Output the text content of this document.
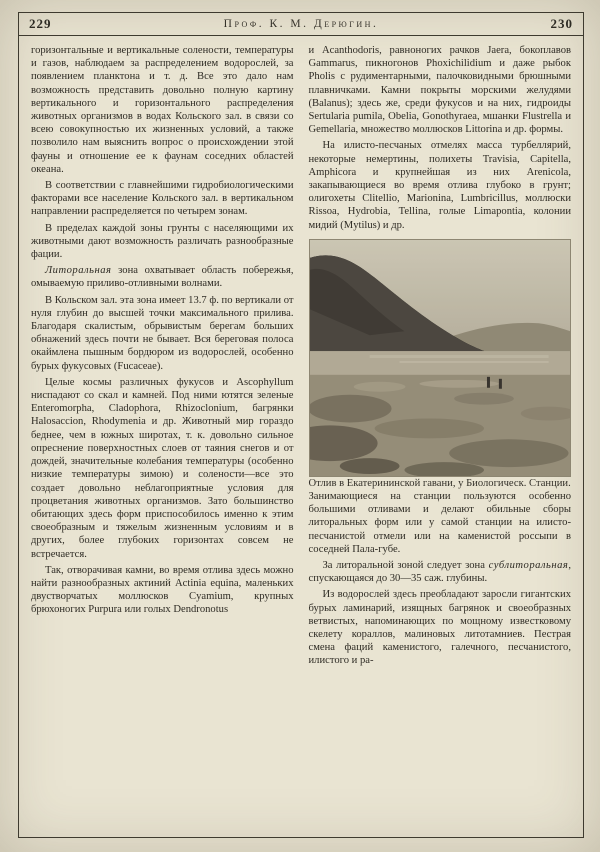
229	Проф. К. М. Дерюгин.	230

горизонтальные и вертикальные солености, температуры и газов, наблюдаем за распределением водорослей, за появлением планктона и т. д. Все это дало нам возможность представить довольно полную картину вертикального и горизонтального распределения животных организмов в водах Кольского зал. в связи со всею совокупностью их жизненных условий, а также позволило нам выяснить вопрос о происхождении этой фауны и отношение ее к фаунам соседних областей океана.

В соответствии с главнейшими гидробиологическими факторами все население Кольского зал. в вертикальном направлении распределяется по четырем зонам.

В пределах каждой зоны грунты с населяющими их животными дают возможность различать разнообразные фации.

Литоральная зона охватывает область побережья, омываемую приливо-отливными волнами.

В Кольском зал. эта зона имеет 13.7 ф. по вертикали от нуля глубин до высшей точки максимального прилива. Благодаря скалистым, обрывистым берегам больших обнажений здесь почти не бывает. Вся береговая полоса окаймлена пышным бордюром из водорослей, особенно бурых фукусовых (Fucaceae).

Целые космы различных фукусов и Ascophyllum ниспадают со скал и камней. Под ними ютятся зеленые Enteromorpha, Cladophora, Rhizoclonium, багрянки Halosaccion, Rhodymenia и др. Животный мир гораздо беднее, чем в южных широтах, т. к. довольно сильное опреснение поверхностных слоев от таяния снегов и от дождей, значительные колебания температуры (особенно низкие температуры зимою) и солености—все это создает довольно неблагоприятные условия для процветания животных организмов. Зато большинство обитающих здесь форм приспособилось именно к этим своеобразным и тяжелым жизненным условиям и в других, более глубоких горизонтах совсем не встречается.

Так, отворачивая камни, во время отлива здесь можно найти разнообразных актиний Actinia equina, маленьких двустворчатых моллюсков Cyamium, крупных брюхоногих Purpura или голых Dendronotus

и Acanthodoris, равноногих рачков Jaera, бокоплавов Gammarus, пикногонов Phoxichilidium и даже рыбок Pholis с рудиментарными, палочковидными брюшными плавничками. Камни покрыты морскими желудями (Balanus); здесь же, среди фукусов и на них, гидроиды Sertularia pumila, Obelia, Gonothyraea, мшанки Flustrella и Gemellaria, множество моллюсков Littorina и др. формы.

На илисто-песчаных отмелях масса турбеллярий, некоторые немертины, полихеты Travisia, Capitella, Amphicora и крупнейшая из них Arenicola, закапывающиеся во время отлива глубоко в грунт; олигохеты Clitellio, Marionina, Lumbricillus, моллюски Rissoa, Hydrobia, Tellina, голые Limapontia, колонии мидий (Mytilus) и др.

Отлив в Екатерининской гавани, у Биологическ. Станции.

Занимающиеся на станции пользуются особенно большими отливами и делают обильные сборы литоральных форм или у самой станции на илисто-песчанистой отмели или на каменистой россыпи в соседней Пала-губе.

За литоральной зоной следует зона сублиторальная, спускающаяся до 30—35 саж. глубины.

Из водорослей здесь преобладают заросли гигантских бурых ламинарий, изящных багрянок и своеобразных ветвистых, напоминающих по мощному известковому скелету кораллов, малиновых литотамниев. Пестрая смена фаций каменистого, галечного, песчанистого, илистого и ра-
